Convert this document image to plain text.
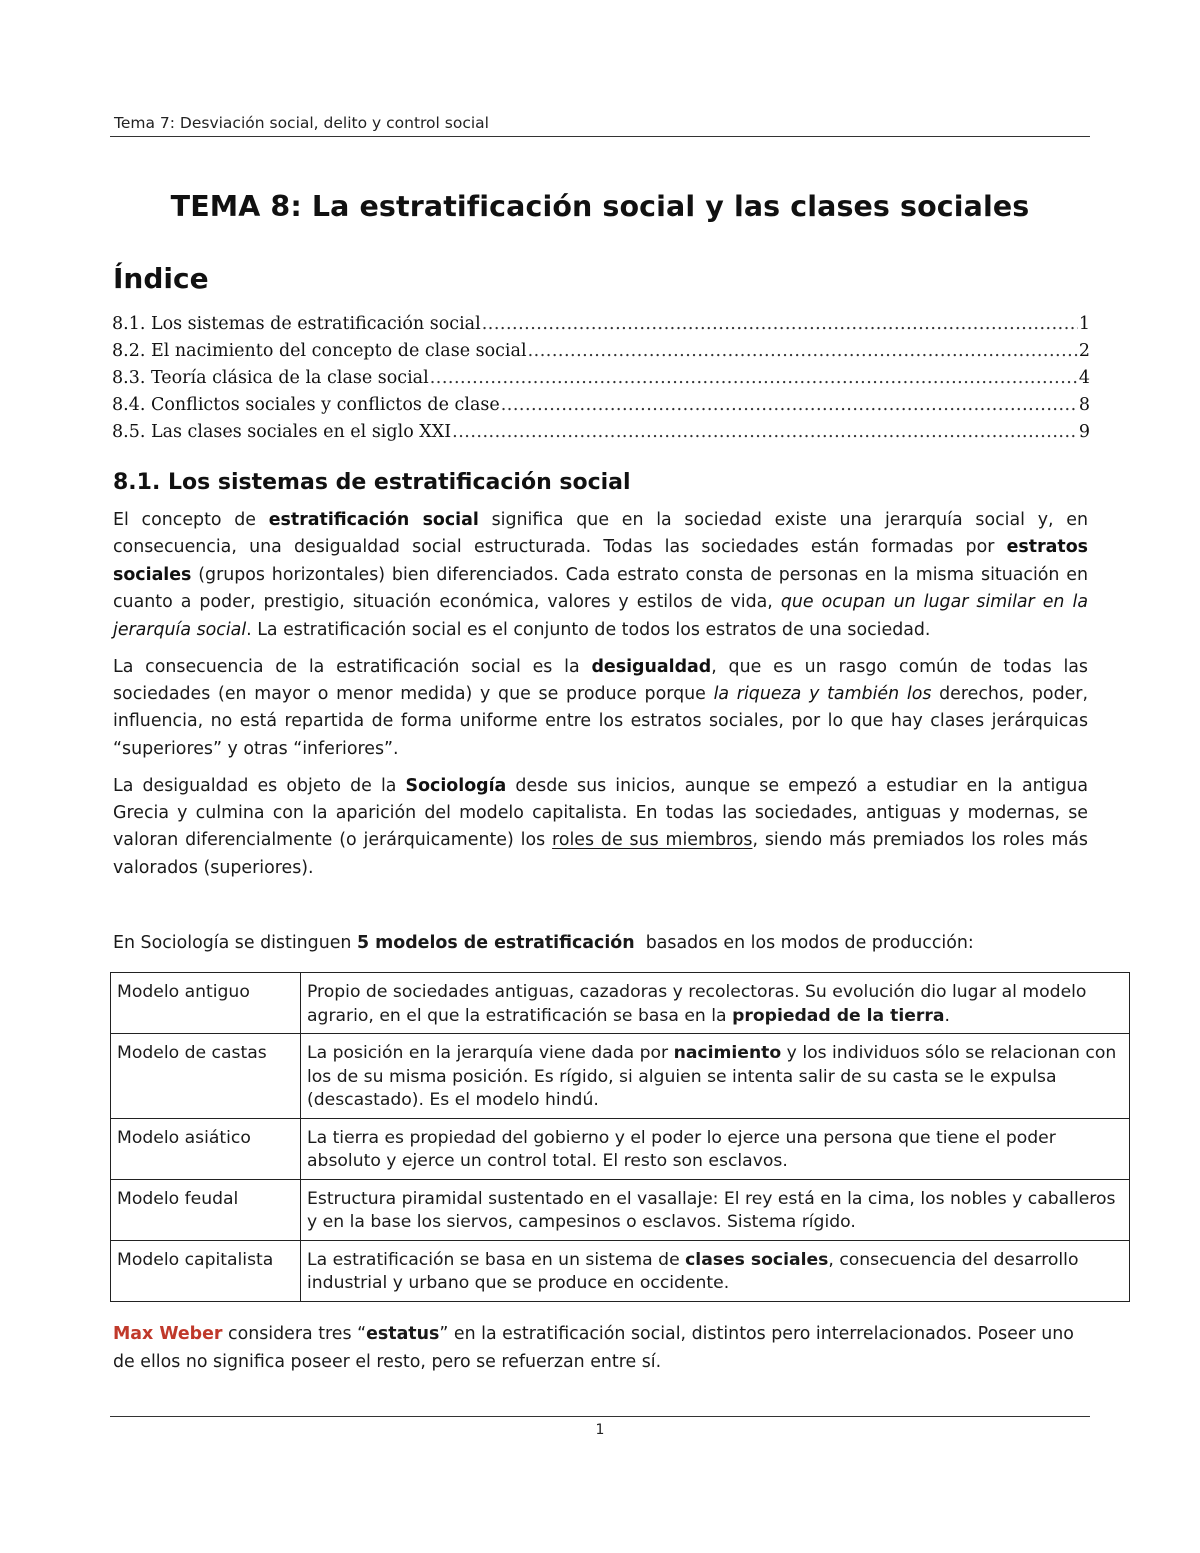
Tema 7: Desviación social, delito y control social
TEMA 8: La estratificación social y las clases sociales
Índice
8.1. Los sistemas de estratificación social .....	1
8.2. El nacimiento del concepto de clase social .....	2
8.3. Teoría clásica de la clase social .....	4
8.4. Conflictos sociales y conflictos de clase .....	8
8.5. Las clases sociales en el siglo XXI .....	9
8.1. Los sistemas de estratificación social

El concepto de estratificación social significa que en la sociedad existe una jerarquía social y, en consecuencia, una desigualdad social estructurada. Todas las sociedades están formadas por estratos sociales (grupos horizontales) bien diferenciados. Cada estrato consta de personas en la misma situación en cuanto a poder, prestigio, situación económica, valores y estilos de vida, que ocupan un lugar similar en la jerarquía social. La estratificación social es el conjunto de todos los estratos de una sociedad.

La consecuencia de la estratificación social es la desigualdad, que es un rasgo común de todas las sociedades (en mayor o menor medida) y que se produce porque la riqueza y también los derechos, poder, influencia, no está repartida de forma uniforme entre los estratos sociales, por lo que hay clases jerárquicas “superiores” y otras “inferiores”.

La desigualdad es objeto de la Sociología desde sus inicios, aunque se empezó a estudiar en la antigua Grecia y culmina con la aparición del modelo capitalista. En todas las sociedades, antiguas y modernas, se valoran diferencialmente (o jerárquicamente) los roles de sus miembros, siendo más premiados los roles más valorados (superiores).

En Sociología se distinguen 5 modelos de estratificación  basados en los modos de producción:
Modelo antiguo	Propio de sociedades antiguas, cazadoras y recolectoras. Su evolución dio lugar al modelo agrario, en el que la estratificación se basa en la propiedad de la tierra.
Modelo de castas	La posición en la jerarquía viene dada por nacimiento y los individuos sólo se relacionan con los de su misma posición. Es rígido, si alguien se intenta salir de su casta se le expulsa (descastado). Es el modelo hindú.
Modelo asiático	La tierra es propiedad del gobierno y el poder lo ejerce una persona que tiene el poder absoluto y ejerce un control total. El resto son esclavos.
Modelo feudal	Estructura piramidal sustentado en el vasallaje: El rey está en la cima, los nobles y caballeros y en la base los siervos, campesinos o esclavos. Sistema rígido.
Modelo capitalista	La estratificación se basa en un sistema de clases sociales, consecuencia del desarrollo industrial y urbano que se produce en occidente.
Max Weber considera tres “estatus” en la estratificación social, distintos pero interrelacionados. Poseer uno de ellos no significa poseer el resto, pero se refuerzan entre sí.
1
